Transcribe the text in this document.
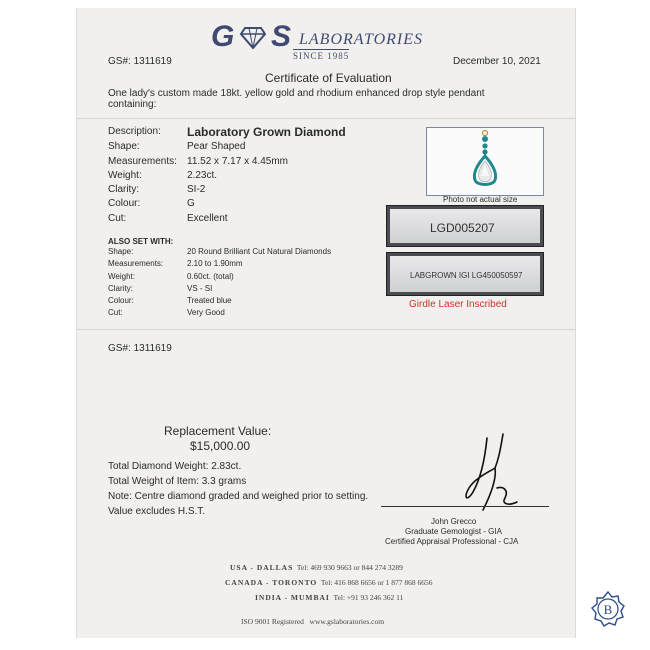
G S LABORATORIES
SINCE 1985
GS#: 1311619	December 10, 2021
Certificate of Evaluation
One lady's custom made 18kt. yellow gold and rhodium enhanced drop style pendant
containing:
Description: Laboratory Grown Diamond
Shape:	Pear Shaped
Measurements: 11.52 x 7.17 x 4.45mm
Weight:	2.23ct.
Clarity:	SI-2
Colour:	G
Cut:	Excellent
ALSO SET WITH:
Shape:	20 Round Brilliant Cut Natural Diamonds
Measurements:	2.10 to 1.90mm
Weight:	0.60ct. (total)
Clarity:	VS - SI
Colour:	Treated blue
Cut:	Very Good
Photo not actual size
LGD005207
LABGROWN IGI LG450050597
Girdle Laser Inscribed
GS#: 1311619
Replacement Value:
$15,000.00
Total Diamond Weight: 2.83ct.
Total Weight of Item: 3.3 grams
Note: Centre diamond graded and weighed prior to setting.
Value excludes H.S.T.
John Grecco
Graduate Gemologist - GIA
Certified Appraisal Professional - CJA
USA - DALLAS Tel: 469 930 9663 or 844 274 3289
CANADA - TORONTO Tel: 416 868 6656 or 1 877 868 6656
INDIA - MUMBAI Tel: +91 93 246 362 11
ISO 9001 Registered www.gslaboratories.com
B
